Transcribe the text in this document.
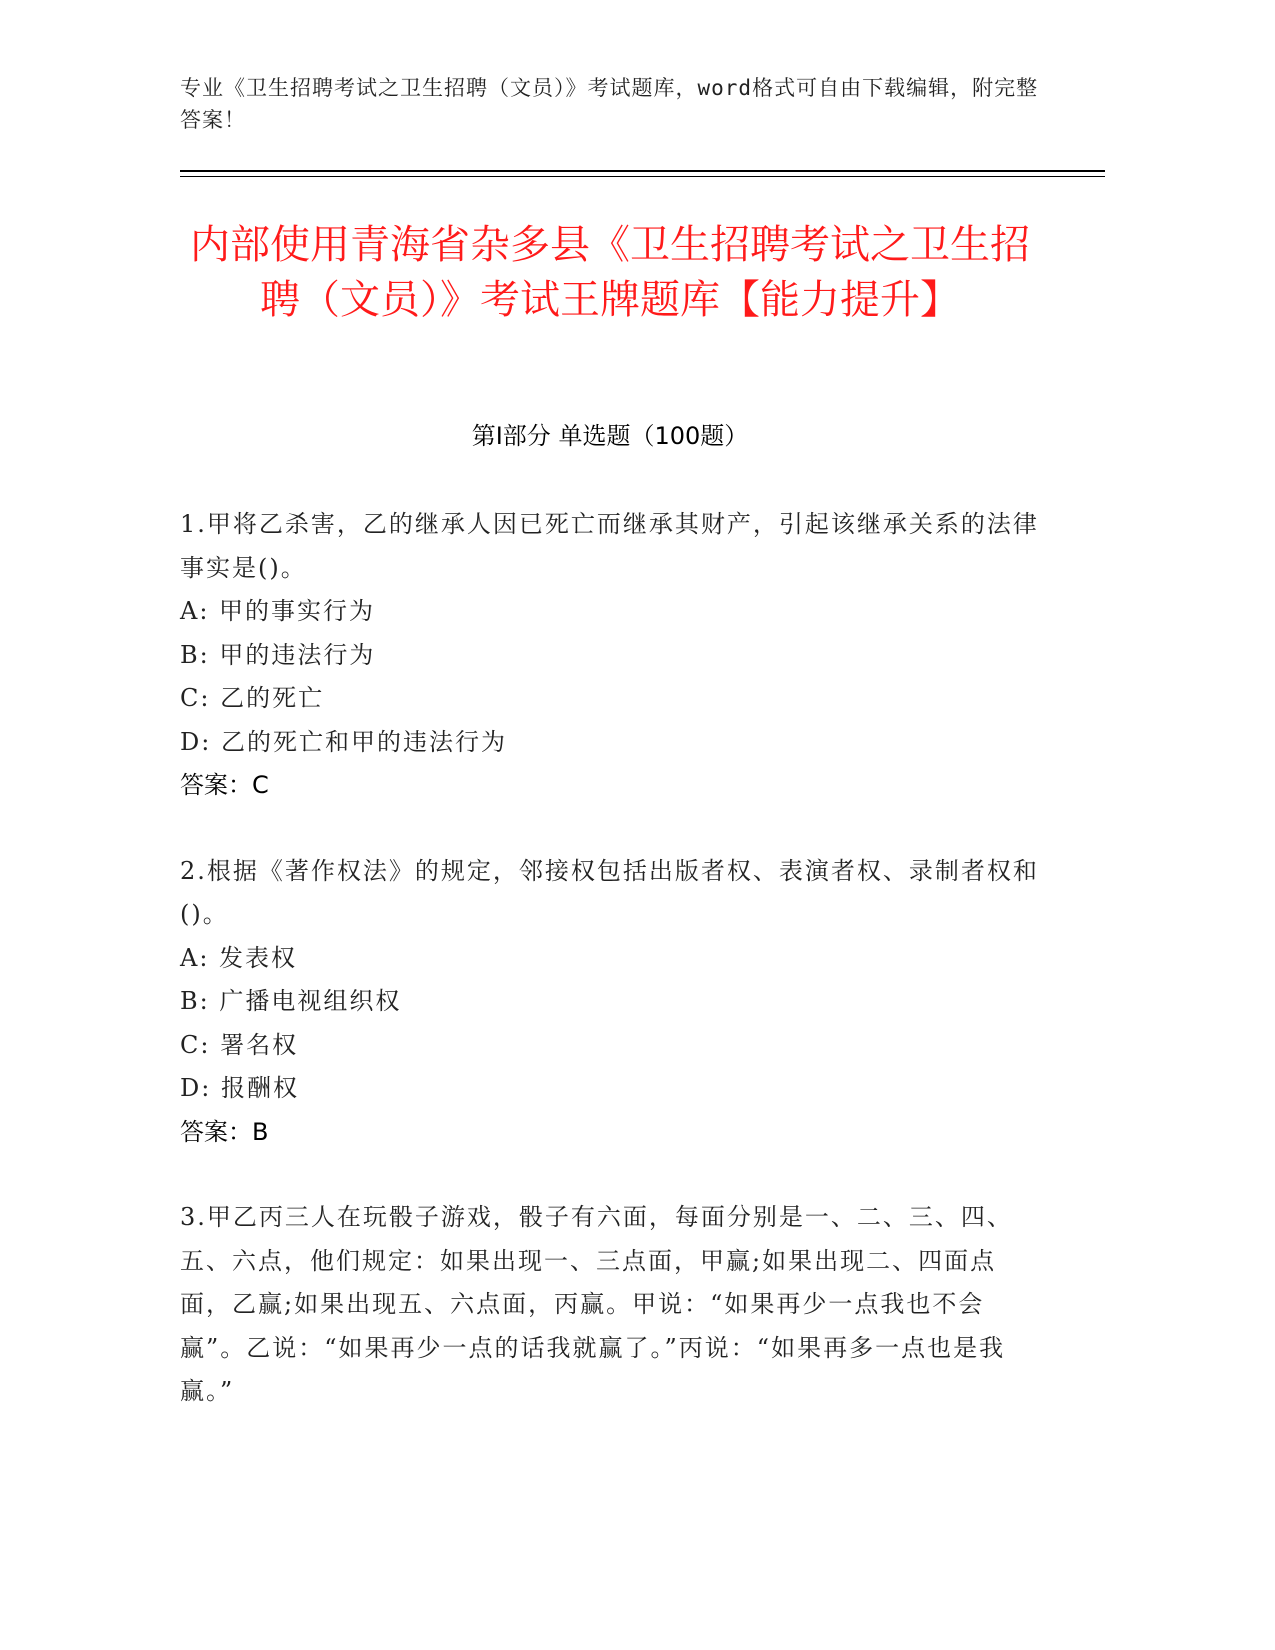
专业《卫生招聘考试之卫生招聘（文员）》考试题库，word格式可自由下载编辑，附完整答案！
内部使用青海省杂多县《卫生招聘考试之卫生招聘（文员）》考试王牌题库【能力提升】
第Ⅰ部分 单选题（100题）
1.甲将乙杀害，乙的继承人因已死亡而继承其财产，引起该继承关系的法律事实是()。
A: 甲的事实行为
B: 甲的违法行为
C: 乙的死亡
D: 乙的死亡和甲的违法行为
答案：C
2.根据《著作权法》的规定，邻接权包括出版者权、表演者权、录制者权和()。
A: 发表权
B: 广播电视组织权
C: 署名权
D: 报酬权
答案：B
3.甲乙丙三人在玩骰子游戏，骰子有六面，每面分别是一、二、三、四、五、六点，他们规定：如果出现一、三点面，甲赢;如果出现二、四面点面，乙赢;如果出现五、六点面，丙赢。甲说：“如果再少一点我也不会赢”。乙说：“如果再少一点的话我就赢了。”丙说：“如果再多一点也是我赢。”
